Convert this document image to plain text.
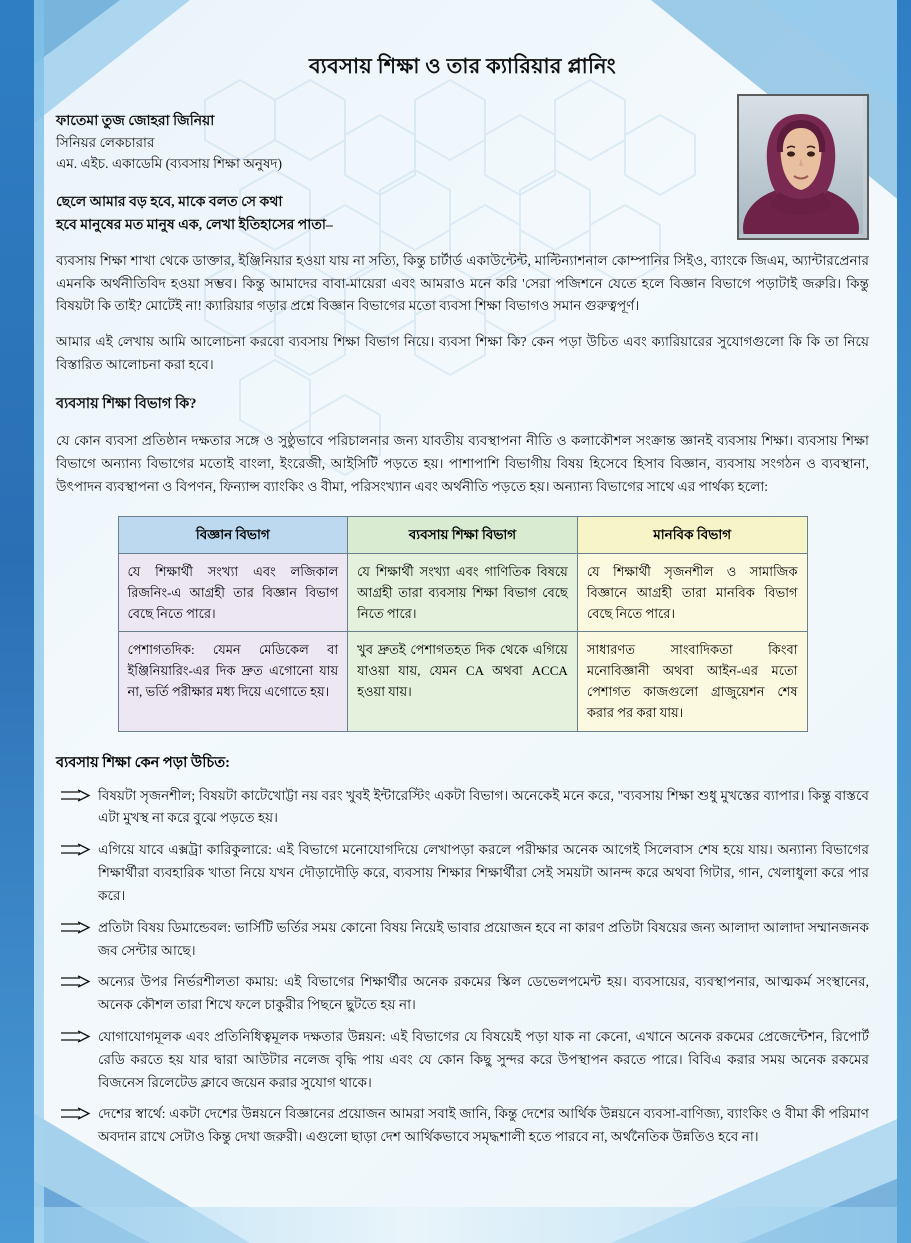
ব্যবসায় শিক্ষা ও তার ক্যারিয়ার প্লানিং
ফাতেমা তুজ জোহরা জিনিয়া
সিনিয়র লেকচারার
এম. এইচ. একাডেমি (ব্যবসায় শিক্ষা অনুষদ)
ছেলে আমার বড় হবে, মাকে বলত সে কথা
হবে মানুষের মত মানুষ এক, লেখা ইতিহাসের পাতা–

ব্যবসায় শিক্ষা শাখা থেকে ডাক্তার, ইঞ্জিনিয়ার হওয়া যায় না সত্যি, কিন্তু চার্টার্ড একাউন্টেন্ট, মাল্টিন্যাশনাল কোম্পানির সিইও, ব্যাংকে জিএম, অ্যান্টারপ্রেনার এমনকি অর্থনীতিবিদ হওয়া সম্ভব। কিন্তু আমাদের বাবা-মায়েরা এবং আমরাও মনে করি 'সেরা পজিশনে যেতে হলে বিজ্ঞান বিভাগে পড়াটাই জরুরি। কিন্তু বিষয়টা কি তাই? মোটেই না! ক্যারিয়ার গড়ার প্রশ্নে বিজ্ঞান বিভাগের মতো ব্যবসা শিক্ষা বিভাগও সমান গুরুত্বপূর্ণ।

আমার এই লেখায় আমি আলোচনা করবো ব্যবসায় শিক্ষা বিভাগ নিয়ে। ব্যবসা শিক্ষা কি? কেন পড়া উচিত এবং ক্যারিয়ারের সুযোগগুলো কি কি তা নিয়ে বিস্তারিত আলোচনা করা হবে।

ব্যবসায় শিক্ষা বিভাগ কি?

যে কোন ব্যবসা প্রতিষ্ঠান দক্ষতার সঙ্গে ও সুষ্ঠুভাবে পরিচালনার জন্য যাবতীয় ব্যবস্থাপনা নীতি ও কলাকৌশল সংক্রান্ত জ্ঞানই ব্যবসায় শিক্ষা। ব্যবসায় শিক্ষা বিভাগে অন্যান্য বিভাগের মতোই বাংলা, ইংরেজী, আইসিটি পড়তে হয়। পাশাপাশি বিভাগীয় বিষয় হিসেবে হিসাব বিজ্ঞান, ব্যবসায় সংগঠন ও ব্যবস্থানা, উৎপাদন ব্যবস্থাপনা ও বিপণন, ফিন্যান্স ব্যাংকিং ও বীমা, পরিসংখ্যান এবং অর্থনীতি পড়তে হয়। অন্যান্য বিভাগের সাথে এর পার্থক্য হলো:

বিজ্ঞান বিভাগ	ব্যবসায় শিক্ষা বিভাগ	মানবিক বিভাগ
যে শিক্ষার্থী সংখ্যা এবং লজিকাল রিজনিং-এ আগ্রহী তার বিজ্ঞান বিভাগ বেছে নিতে পারে।	যে শিক্ষার্থী সংখ্যা এবং গাণিতিক বিষয়ে আগ্রহী তারা ব্যবসায় শিক্ষা বিভাগ বেছে নিতে পারে।	যে শিক্ষার্থী সৃজনশীল ও সামাজিক বিজ্ঞানে আগ্রহী তারা মানবিক বিভাগ বেছে নিতে পারে।
পেশাগতদিক: যেমন মেডিকেল বা ইঞ্জিনিয়ারিং-এর দিক দ্রুত এগোনো যায় না, ভর্তি পরীক্ষার মধ্য দিয়ে এগোতে হয়।	খুব দ্রুতই পেশাগতহত দিক থেকে এগিয়ে যাওয়া যায়, যেমন CA অথবা ACCA হওয়া যায়।	সাধারণত সাংবাদিকতা কিংবা মনোবিজ্ঞানী অথবা আইন-এর মতো পেশাগত কাজগুলো গ্রাজুয়েশন শেষ করার পর করা যায়।
ব্যবসায় শিক্ষা কেন পড়া উচিত:
বিষয়টা সৃজনশীল; বিষয়টা কাটেখোট্টা নয় বরং খুবই ইন্টারেস্টিং একটা বিভাগ। অনেকেই মনে করে, "ব্যবসায় শিক্ষা শুধু মুখস্তের ব্যাপার। কিন্তু বাস্তবে এটা মুখস্থ না করে বুঝে পড়তে হয়।
এগিয়ে যাবে এক্সট্রা কারিকুলারে: এই বিভাগে মনোযোগদিয়ে লেখাপড়া করলে পরীক্ষার অনেক আগেই সিলেবাস শেষ হয়ে যায়। অন্যান্য বিভাগের শিক্ষার্থীরা ব্যবহারিক খাতা নিয়ে যখন দৌড়াদৌড়ি করে, ব্যবসায় শিক্ষার শিক্ষার্থীরা সেই সময়টা আনন্দ করে অথবা গিটার, গান, খেলাধুলা করে পার করে।
প্রতিটা বিষয় ডিমান্ডেবল: ভার্সিটি ভর্তির সময় কোনো বিষয় নিয়েই ভাবার প্রয়োজন হবে না কারণ প্রতিটা বিষয়ের জন্য আলাদা আলাদা সম্মানজনক জব সেন্টার আছে।
অন্যের উপর নির্ভরশীলতা কমায়: এই বিভাগের শিক্ষার্থীর অনেক রকমের স্কিল ডেভেলপমেন্ট হয়। ব্যবসায়ের, ব্যবস্থাপনার, আত্মকর্ম সংস্থানের, অনেক কৌশল তারা শিখে ফলে চাকুরীর পিছনে ছুটতে হয় না।
যোগাযোগমূলক এবং প্রতিনিধিত্বমূলক দক্ষতার উন্নয়ন: এই বিভাগের যে বিষয়েই পড়া যাক না কেনো, এখানে অনেক রকমের প্রেজেন্টেশন, রিপোর্ট রেডি করতে হয় যার দ্বারা আউটার নলেজ বৃদ্ধি পায় এবং যে কোন কিছু সুন্দর করে উপস্থাপন করতে পারে। বিবিএ করার সময় অনেক রকমের বিজনেস রিলেটেড ক্লাবে জয়েন করার সুযোগ থাকে।
দেশের স্বার্থে: একটা দেশের উন্নয়নে বিজ্ঞানের প্রয়োজন আমরা সবাই জানি, কিন্তু দেশের আর্থিক উন্নয়নে ব্যবসা-বাণিজ্য, ব্যাংকিং ও বীমা কী পরিমাণ অবদান রাখে সেটাও কিন্তু দেখা জরুরী। এগুলো ছাড়া দেশ আর্থিকভাবে সমৃদ্ধশালী হতে পারবে না, অর্থনৈতিক উন্নতিও হবে না।
